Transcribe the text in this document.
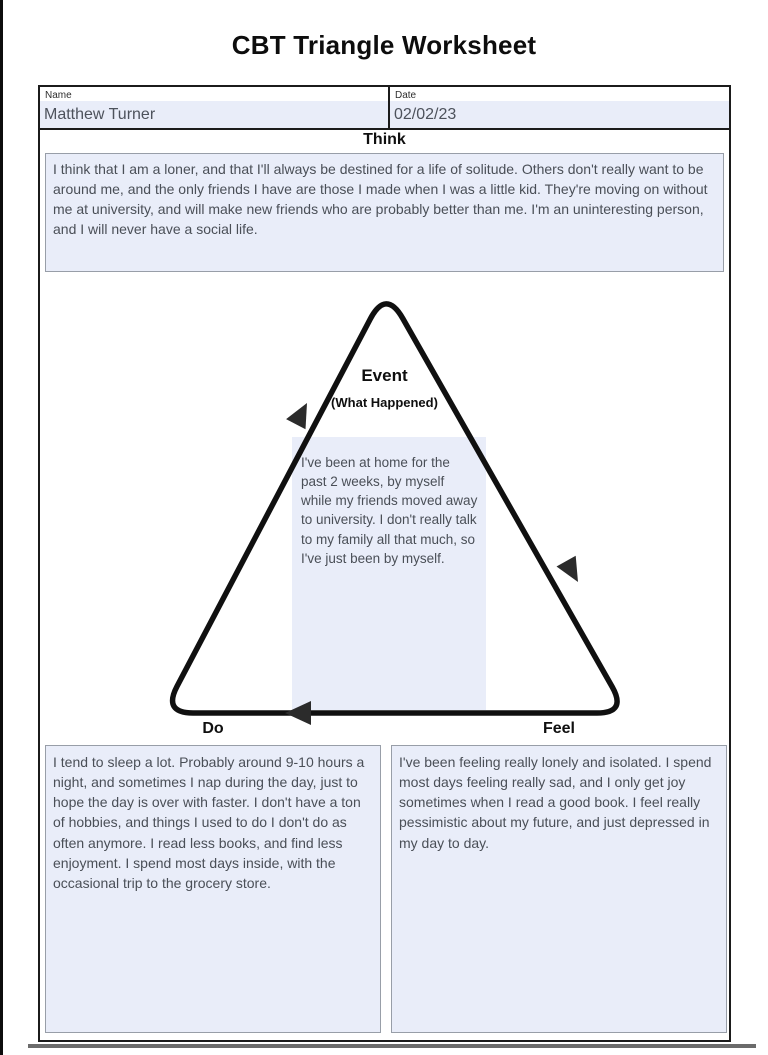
CBT Triangle Worksheet
Name
Matthew Turner
Date
02/02/23
Think
I think that I am a loner, and that I'll always be destined for a life of solitude. Others don't really want to be around me, and the only friends I have are those I made when I was a little kid. They're moving on without me at university, and will make new friends who are probably better than me. I'm an uninteresting person, and I will never have a social life.
Event
(What Happened)
I've been at home for the past 2 weeks, by myself while my friends moved away to university. I don't really talk to my family all that much, so I've just been by myself.
Do	Feel
I tend to sleep a lot. Probably around 9-10 hours a night, and sometimes I nap during the day, just to hope the day is over with faster. I don't have a ton of hobbies, and things I used to do I don't do as often anymore. I read less books, and find less enjoyment. I spend most days inside, with the occasional trip to the grocery store.
I've been feeling really lonely and isolated. I spend most days feeling really sad, and I only get joy sometimes when I read a good book. I feel really pessimistic about my future, and just depressed in my day to day.
